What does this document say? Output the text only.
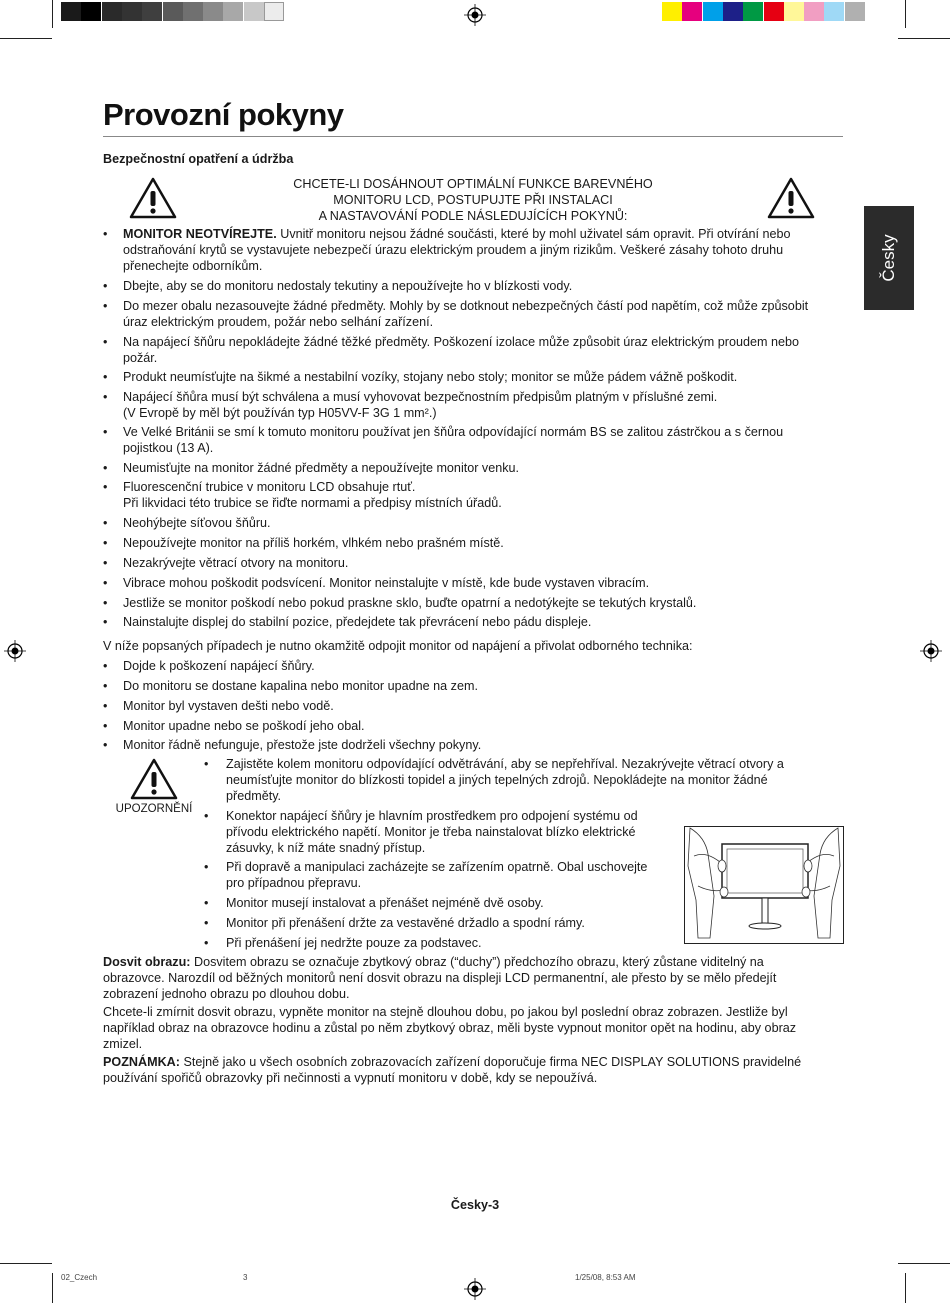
Provozní pokyny
Bezpečnostní opatření a údržba
CHCETE-LI DOSÁHNOUT OPTIMÁLNÍ FUNKCE BAREVNÉHO
MONITORU LCD, POSTUPUJTE PŘI INSTALACI
A NASTAVOVÁNÍ PODLE NÁSLEDUJÍCÍCH POKYNŮ:
Česky
• MONITOR NEOTVÍREJTE. Uvnitř monitoru nejsou žádné součásti, které by mohl uživatel sám opravit. Při otvírání nebo
odstraňování krytů se vystavujete nebezpečí úrazu elektrickým proudem a jiným rizikům. Veškeré zásahy tohoto druhu
přenechejte odborníkům.
• Dbejte, aby se do monitoru nedostaly tekutiny a nepoužívejte ho v blízkosti vody.
• Do mezer obalu nezasouvejte žádné předměty. Mohly by se dotknout nebezpečných částí pod napětím, což může způsobit
úraz elektrickým proudem, požár nebo selhání zařízení.
• Na napájecí šňůru nepokládejte žádné těžké předměty. Poškození izolace může způsobit úraz elektrickým proudem nebo
požár.
• Produkt neumísťujte na šikmé a nestabilní vozíky, stojany nebo stoly; monitor se může pádem vážně poškodit.
• Napájecí šňůra musí být schválena a musí vyhovovat bezpečnostním předpisům platným v příslušné zemi.
(V Evropě by měl být používán typ H05VV-F 3G 1 mm².)
• Ve Velké Británii se smí k tomuto monitoru používat jen šňůra odpovídající normám BS se zalitou zástrčkou a s černou
pojistkou (13 A).
• Neumisťujte na monitor žádné předměty a nepoužívejte monitor venku.
• Fluorescenční trubice v monitoru LCD obsahuje rtuť.
Při likvidaci této trubice se řiďte normami a předpisy místních úřadů.
• Neohýbejte síťovou šňůru.
• Nepoužívejte monitor na příliš horkém, vlhkém nebo prašném místě.
• Nezakrývejte větrací otvory na monitoru.
• Vibrace mohou poškodit podsvícení. Monitor neinstalujte v místě, kde bude vystaven vibracím.
• Jestliže se monitor poškodí nebo pokud praskne sklo, buďte opatrní a nedotýkejte se tekutých krystalů.
• Nainstalujte displej do stabilní pozice, předejdete tak převrácení nebo pádu displeje.
V níže popsaných případech je nutno okamžitě odpojit monitor od napájení a přivolat odborného technika:
• Dojde k poškození napájecí šňůry.
• Do monitoru se dostane kapalina nebo monitor upadne na zem.
• Monitor byl vystaven dešti nebo vodě.
• Monitor upadne nebo se poškodí jeho obal.
• Monitor řádně nefunguje, přestože jste dodrželi všechny pokyny.
UPOZORNĚNÍ
• Zajistěte kolem monitoru odpovídající odvětrávání, aby se nepřehříval. Nezakrývejte větrací otvory a
neumísťujte monitor do blízkosti topidel a jiných tepelných zdrojů. Nepokládejte na monitor žádné
předměty.
• Konektor napájecí šňůry je hlavním prostředkem pro odpojení systému od
přívodu elektrického napětí. Monitor je třeba nainstalovat blízko elektrické
zásuvky, k níž máte snadný přístup.
• Při dopravě a manipulaci zacházejte se zařízením opatrně. Obal uschovejte
pro případnou přepravu.
• Monitor musejí instalovat a přenášet nejméně dvě osoby.
• Monitor při přenášení držte za vestavěné držadlo a spodní rámy.
• Při přenášení jej nedržte pouze za podstavec.
Dosvit obrazu: Dosvitem obrazu se označuje zbytkový obraz (“duchy”) předchozího obrazu, který zůstane viditelný na
obrazovce. Narozdíl od běžných monitorů není dosvit obrazu na displeji LCD permanentní, ale přesto by se mělo předejít
zobrazení jednoho obrazu po dlouhou dobu.
Chcete-li zmírnit dosvit obrazu, vypněte monitor na stejně dlouhou dobu, po jakou byl poslední obraz zobrazen. Jestliže byl
například obraz na obrazovce hodinu a zůstal po něm zbytkový obraz, měli byste vypnout monitor opět na hodinu, aby obraz
zmizel.
POZNÁMKA: Stejně jako u všech osobních zobrazovacích zařízení doporučuje firma NEC DISPLAY SOLUTIONS pravidelné
používání spořičů obrazovky při nečinnosti a vypnutí monitoru v době, kdy se nepoužívá.
Česky-3
02_Czech	3	1/25/08, 8:53 AM
